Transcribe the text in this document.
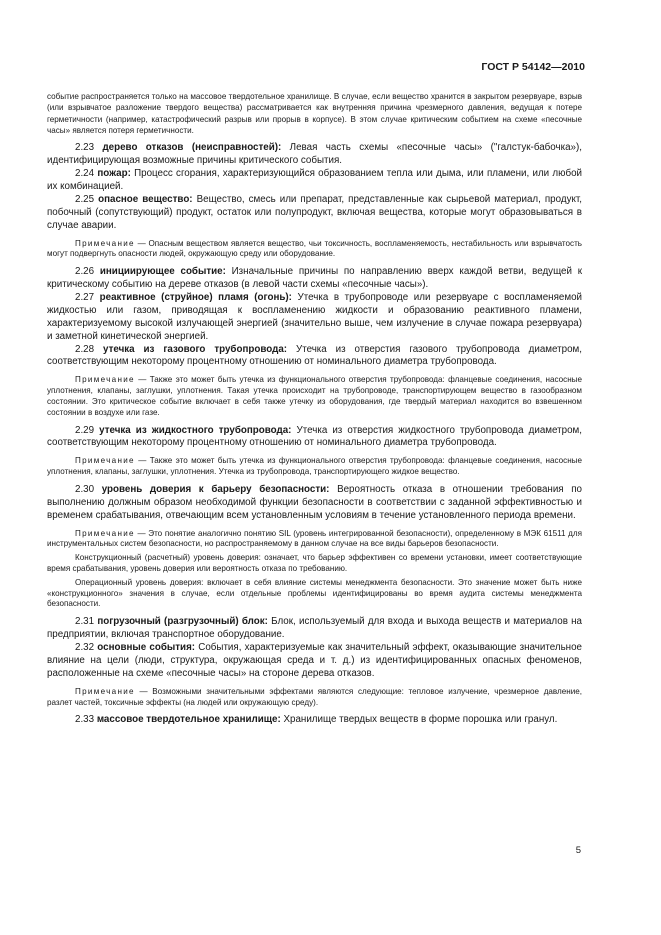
ГОСТ Р 54142—2010

событие распространяется только на массовое твердотельное хранилище. В случае, если вещество хранится в закрытом резервуаре, взрыв (или взрывчатое разложение твердого вещества) рассматривается как внутренняя причина чрезмерного давления, ведущая к потере герметичности (например, катастрофический разрыв или прорыв в корпусе). В этом случае критическим событием на схеме «песочные часы» является потеря герметичности.

2.23 дерево отказов (неисправностей): Левая часть схемы «песочные часы» ("галстук-бабочка»), идентифицирующая возможные причины критического события.

2.24 пожар: Процесс сгорания, характеризующийся образованием тепла или дыма, или пламени, или любой их комбинацией.

2.25 опасное вещество: Вещество, смесь или препарат, представленные как сырьевой материал, продукт, побочный (сопутствующий) продукт, остаток или полупродукт, включая вещества, которые могут образовываться в случае аварии.

Примечание — Опасным веществом является вещество, чьи токсичность, воспламеняемость, нестабильность или взрывчатость могут подвергнуть опасности людей, окружающую среду или оборудование.

2.26 инициирующее событие: Изначальные причины по направлению вверх каждой ветви, ведущей к критическому событию на дереве отказов (в левой части схемы «песочные часы»).

2.27 реактивное (струйное) пламя (огонь): Утечка в трубопроводе или резервуаре с воспламеняемой жидкостью или газом, приводящая к воспламенению жидкости и образованию реактивного пламени, характеризуемому высокой излучающей энергией (значительно выше, чем излучение в случае пожара резервуара) и заметной кинетической энергией.

2.28 утечка из газового трубопровода: Утечка из отверстия газового трубопровода диаметром, соответствующим некоторому процентному отношению от номинального диаметра трубопровода.

Примечание — Также это может быть утечка из функционального отверстия трубопровода: фланцевые соединения, насосные уплотнения, клапаны, заглушки, уплотнения. Такая утечка происходит на трубопроводе, транспортирующем вещество в газообразном состоянии. Это критическое событие включает в себя также утечку из оборудования, где твердый материал находится во взвешенном состоянии в воздухе или газе.

2.29 утечка из жидкостного трубопровода: Утечка из отверстия жидкостного трубопровода диаметром, соответствующим некоторому процентному отношению от номинального диаметра трубопровода.

Примечание — Также это может быть утечка из функционального отверстия трубопровода: фланцевые соединения, насосные уплотнения, клапаны, заглушки, уплотнения. Утечка из трубопровода, транспортирующего жидкое вещество.

2.30 уровень доверия к барьеру безопасности: Вероятность отказа в отношении требования по выполнению должным образом необходимой функции безопасности в соответствии с заданной эффективностью и временем срабатывания, отвечающим всем установленным условиям в течение установленного периода времени.

Примечание — Это понятие аналогично понятию SIL (уровень интегрированной безопасности), определенному в МЭК 61511 для инструментальных систем безопасности, но распространяемому в данном случае на все виды барьеров безопасности.

Конструкционный (расчетный) уровень доверия: означает, что барьер эффективен со времени установки, имеет соответствующие время срабатывания, уровень доверия или вероятность отказа по требованию.

Операционный уровень доверия: включает в себя влияние системы менеджмента безопасности. Это значение может быть ниже «конструкционного» значения в случае, если отдельные проблемы идентифицированы во время аудита системы менеджмента безопасности.

2.31 погрузочный (разгрузочный) блок: Блок, используемый для входа и выхода веществ и материалов на предприятии, включая транспортное оборудование.

2.32 основные события: События, характеризуемые как значительный эффект, оказывающие значительное влияние на цели (люди, структура, окружающая среда и т. д.) из идентифицированных опасных феноменов, расположенные на схеме «песочные часы» на стороне дерева отказов.

Примечание — Возможными значительными эффектами являются следующие: тепловое излучение, чрезмерное давление, разлет частей, токсичные эффекты (на людей или окружающую среду).

2.33 массовое твердотельное хранилище: Хранилище твердых веществ в форме порошка или гранул.

5
